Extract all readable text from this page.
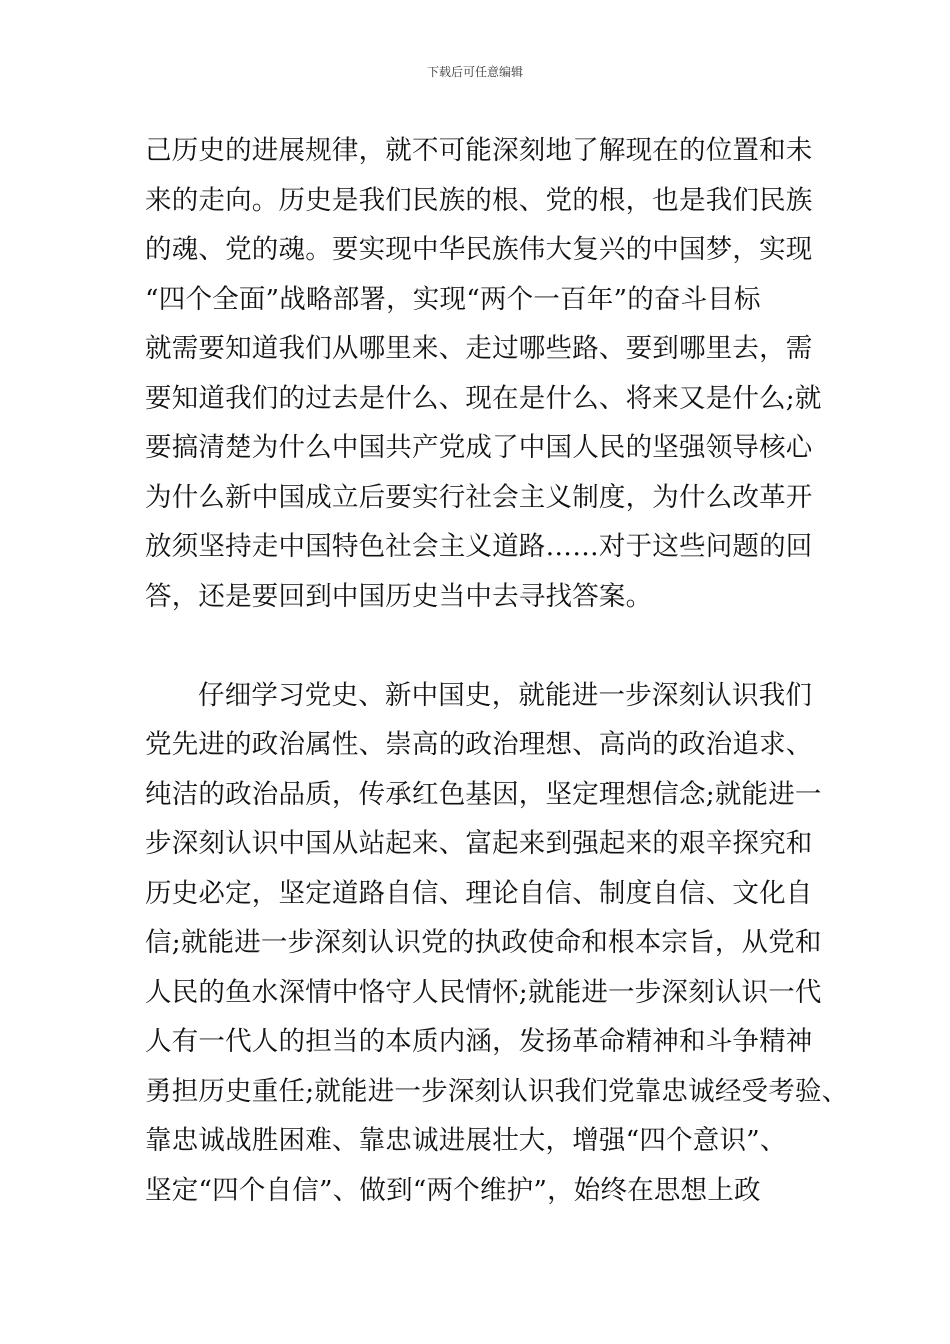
下载后可任意编辑
己历史的进展规律，就不可能深刻地了解现在的位置和未
来的走向。历史是我们民族的根、党的根，也是我们民族
的魂、党的魂。要实现中华民族伟大复兴的中国梦，实现
“四个全面”战略部署，实现“两个一百年”的奋斗目标
就需要知道我们从哪里来、走过哪些路、要到哪里去，需
要知道我们的过去是什么、现在是什么、将来又是什么;就
要搞清楚为什么中国共产党成了中国人民的坚强领导核心
为什么新中国成立后要实行社会主义制度，为什么改革开
放须坚持走中国特色社会主义道路……对于这些问题的回
答，还是要回到中国历史当中去寻找答案。
仔细学习党史、新中国史，就能进一步深刻认识我们
党先进的政治属性、崇高的政治理想、高尚的政治追求、
纯洁的政治品质，传承红色基因，坚定理想信念;就能进一
步深刻认识中国从站起来、富起来到强起来的艰辛探究和
历史必定，坚定道路自信、理论自信、制度自信、文化自
信;就能进一步深刻认识党的执政使命和根本宗旨，从党和
人民的鱼水深情中恪守人民情怀;就能进一步深刻认识一代
人有一代人的担当的本质内涵，发扬革命精神和斗争精神
勇担历史重任;就能进一步深刻认识我们党靠忠诚经受考验、
靠忠诚战胜困难、靠忠诚进展壮大，增强“四个意识”、
坚定“四个自信”、做到“两个维护”，始终在思想上政
